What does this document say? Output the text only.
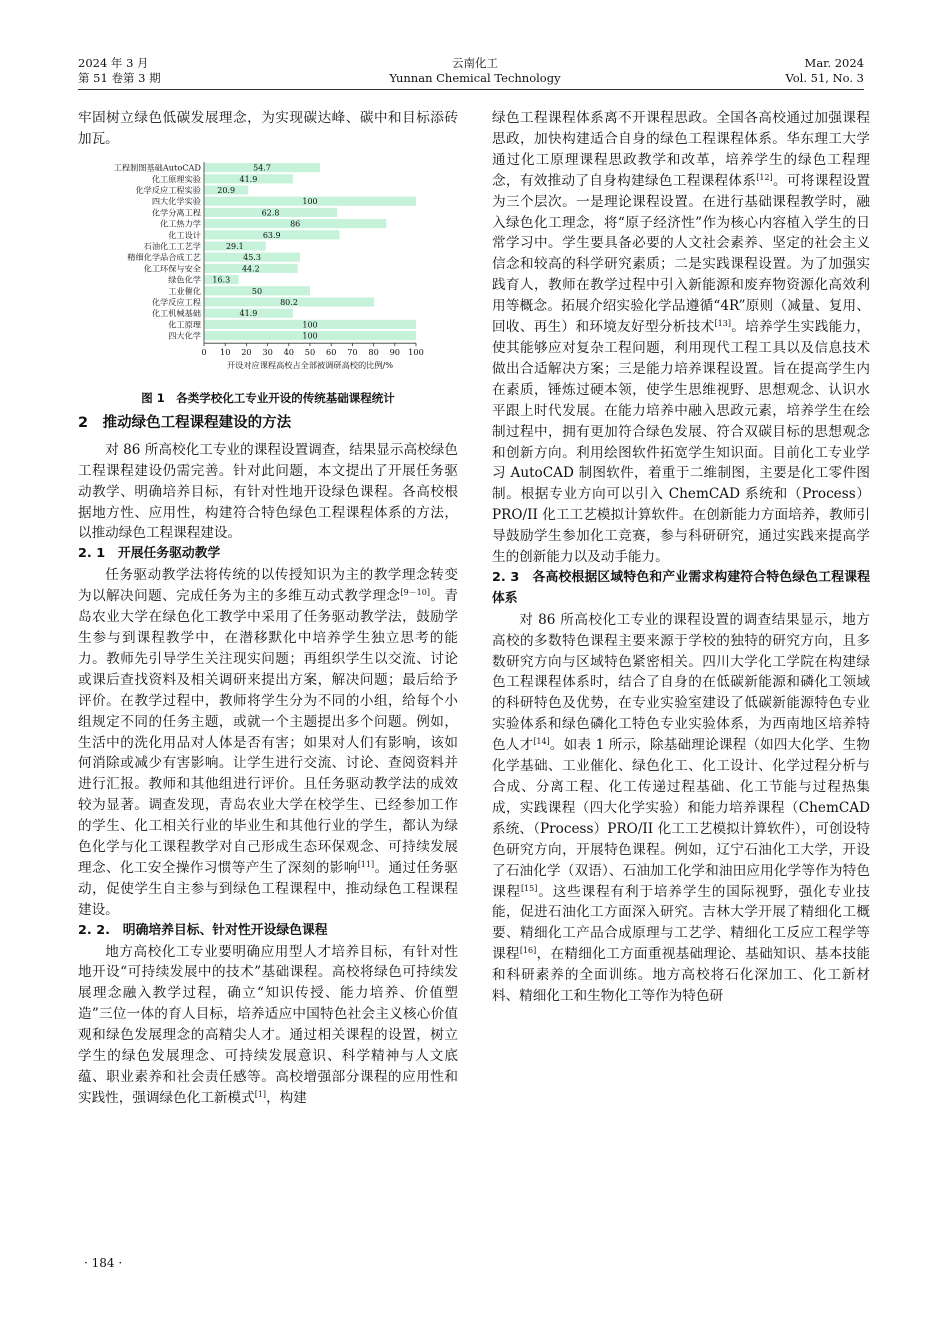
2024 年 3 月
第 51 卷第 3 期
云南化工
Yunnan Chemical Technology
Mar. 2024
Vol. 51, No. 3

牢固树立绿色低碳发展理念，为实现碳达峰、碳中和目标添砖加瓦。

工程制图基础AutoCAD	54.7
化工原理实验	41.9
化学反应工程实验 20.9
四大化学实验	100
化学分离工程	62.8
化工热力学	86
化工设计	63.9
石油化工工艺学	29.1
精细化学品合成工艺	45.3
化工环保与安全	44.2
绿色化学 16.3
工业催化	50
化学反应工程	80.2
化工机械基础	41.9
化工原理	100
四大化学	100
0 10 20 30 40 50 60 70 80 90 100
开设对应课程高校占全部被调研高校的比例/%
图 1　各类学校化工专业开设的传统基础课程统计
2　推动绿色工程课程建设的方法

对 86 所高校化工专业的课程设置调查，结果显示高校绿色工程课程建设仍需完善。针对此问题，本文提出了开展任务驱动教学、明确培养目标，有针对性地开设绿色课程。各高校根据地方性、应用性，构建符合特色绿色工程课程体系的方法，以推动绿色工程课程建设。

2. 1　开展任务驱动教学

任务驱动教学法将传统的以传授知识为主的教学理念转变为以解决问题、完成任务为主的多维互动式教学理念[9－10]。青岛农业大学在绿色化工教学中采用了任务驱动教学法，鼓励学生参与到课程教学中，在潜移默化中培养学生独立思考的能力。教师先引导学生关注现实问题；再组织学生以交流、讨论或课后查找资料及相关调研来提出方案，解决问题；最后给予评价。在教学过程中，教师将学生分为不同的小组，给每个小组规定不同的任务主题，或就一个主题提出多个问题。例如，生活中的洗化用品对人体是否有害；如果对人们有影响，该如何消除或减少有害影响。让学生进行交流、讨论、查阅资料并进行汇报。教师和其他组进行评价。且任务驱动教学法的成效较为显著。调查发现，青岛农业大学在校学生、已经参加工作的学生、化工相关行业的毕业生和其他行业的学生，都认为绿色化学与化工课程教学对自己形成生态环保观念、可持续发展理念、化工安全操作习惯等产生了深刻的影响[11]。通过任务驱动，促使学生自主参与到绿色工程课程中，推动绿色工程课程建设。

2. 2.　明确培养目标、针对性开设绿色课程

地方高校化工专业要明确应用型人才培养目标，有针对性地开设“可持续发展中的技术”基础课程。高校将绿色可持续发展理念融入教学过程，确立“知识传授、能力培养、价值塑造”三位一体的育人目标，培养适应中国特色社会主义核心价值观和绿色发展理念的高精尖人才。通过相关课程的设置，树立学生的绿色发展理念、可持续发展意识、科学精神与人文底蕴、职业素养和社会责任感等。高校增强部分课程的应用性和实践性，强调绿色化工新模式[1]，构建

绿色工程课程体系离不开课程思政。全国各高校通过加强课程思政，加快构建适合自身的绿色工程课程体系。华东理工大学通过化工原理课程思政教学和改革，培养学生的绿色工程理念，有效推动了自身构建绿色工程课程体系[12]。可将课程设置为三个层次。一是理论课程设置。在进行基础课程教学时，融入绿色化工理念，将“原子经济性”作为核心内容植入学生的日常学习中。学生要具备必要的人文社会素养、坚定的社会主义信念和较高的科学研究素质；二是实践课程设置。为了加强实践育人，教师在教学过程中引入新能源和废弃物资源化高效利用等概念。拓展介绍实验化学品遵循“4R”原则（减量、复用、回收、再生）和环境友好型分析技术[13]。培养学生实践能力，使其能够应对复杂工程问题，利用现代工程工具以及信息技术做出合适解决方案；三是能力培养课程设置。旨在提高学生内在素质，锤炼过硬本领，使学生思维视野、思想观念、认识水平跟上时代发展。在能力培养中融入思政元素，培养学生在绘制过程中，拥有更加符合绿色发展、符合双碳目标的思想观念和创新方向。利用绘图软件拓宽学生知识面。目前化工专业学习 AutoCAD 制图软件，着重于二维制图，主要是化工零件图制。根据专业方向可以引入 ChemCAD 系统和（Process）PRO/II 化工工艺模拟计算软件。在创新能力方面培养，教师引导鼓励学生参加化工竞赛，参与科研研究，通过实践来提高学生的创新能力以及动手能力。

2. 3　各高校根据区域特色和产业需求构建符合特色绿色工程课程体系

对 86 所高校化工专业的课程设置的调查结果显示，地方高校的多数特色课程主要来源于学校的独特的研究方向，且多数研究方向与区域特色紧密相关。四川大学化工学院在构建绿色工程课程体系时，结合了自身的在低碳新能源和磷化工领域的科研特色及优势，在专业实验室建设了低碳新能源特色专业实验体系和绿色磷化工特色专业实验体系，为西南地区培养特色人才[14]。如表 1 所示，除基础理论课程（如四大化学、生物化学基础、工业催化、绿色化工、化工设计、化学过程分析与合成、分离工程、化工传递过程基础、化工节能与过程热集成，实践课程（四大化学实验）和能力培养课程（ChemCAD 系统、（Process）PRO/II 化工工艺模拟计算软件），可创设特色研究方向，开展特色课程。例如，辽宁石油化工大学，开设了石油化学（双语）、石油加工化学和油田应用化学等作为特色课程[15]。这些课程有利于培养学生的国际视野，强化专业技能，促进石油化工方面深入研究。吉林大学开展了精细化工概要、精细化工产品合成原理与工艺学、精细化工反应工程学等课程[16]，在精细化工方面重视基础理论、基础知识、基本技能和科研素养的全面训练。地方高校将石化深加工、化工新材料、精细化工和生物化工等作为特色研

· 184 ·
